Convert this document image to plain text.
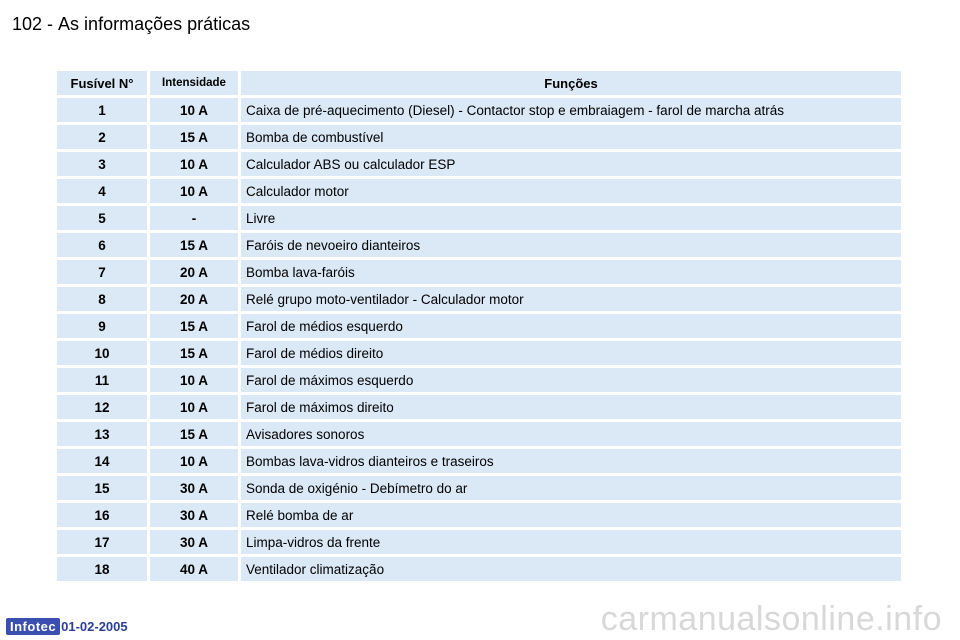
102 - As informações práticas
Fusível N°	Intensidade	Funções
1	10 A	Caixa de pré-aquecimento (Diesel) - Contactor stop e embraiagem - farol de marcha atrás
2	15 A	Bomba de combustível
3	10 A	Calculador ABS ou calculador ESP
4	10 A	Calculador motor
5	-	Livre
6	15 A	Faróis de nevoeiro dianteiros
7	20 A	Bomba lava-faróis
8	20 A	Relé grupo moto-ventilador - Calculador motor
9	15 A	Farol de médios esquerdo
10	15 A	Farol de médios direito
11	10 A	Farol de máximos esquerdo
12	10 A	Farol de máximos direito
13	15 A	Avisadores sonoros
14	10 A	Bombas lava-vidros dianteiros e traseiros
15	30 A	Sonda de oxigénio - Debímetro do ar
16	30 A	Relé bomba de ar
17	30 A	Limpa-vidros da frente
18	40 A	Ventilador climatização
Infotec 01-02-2005	carmanualsonline.info
